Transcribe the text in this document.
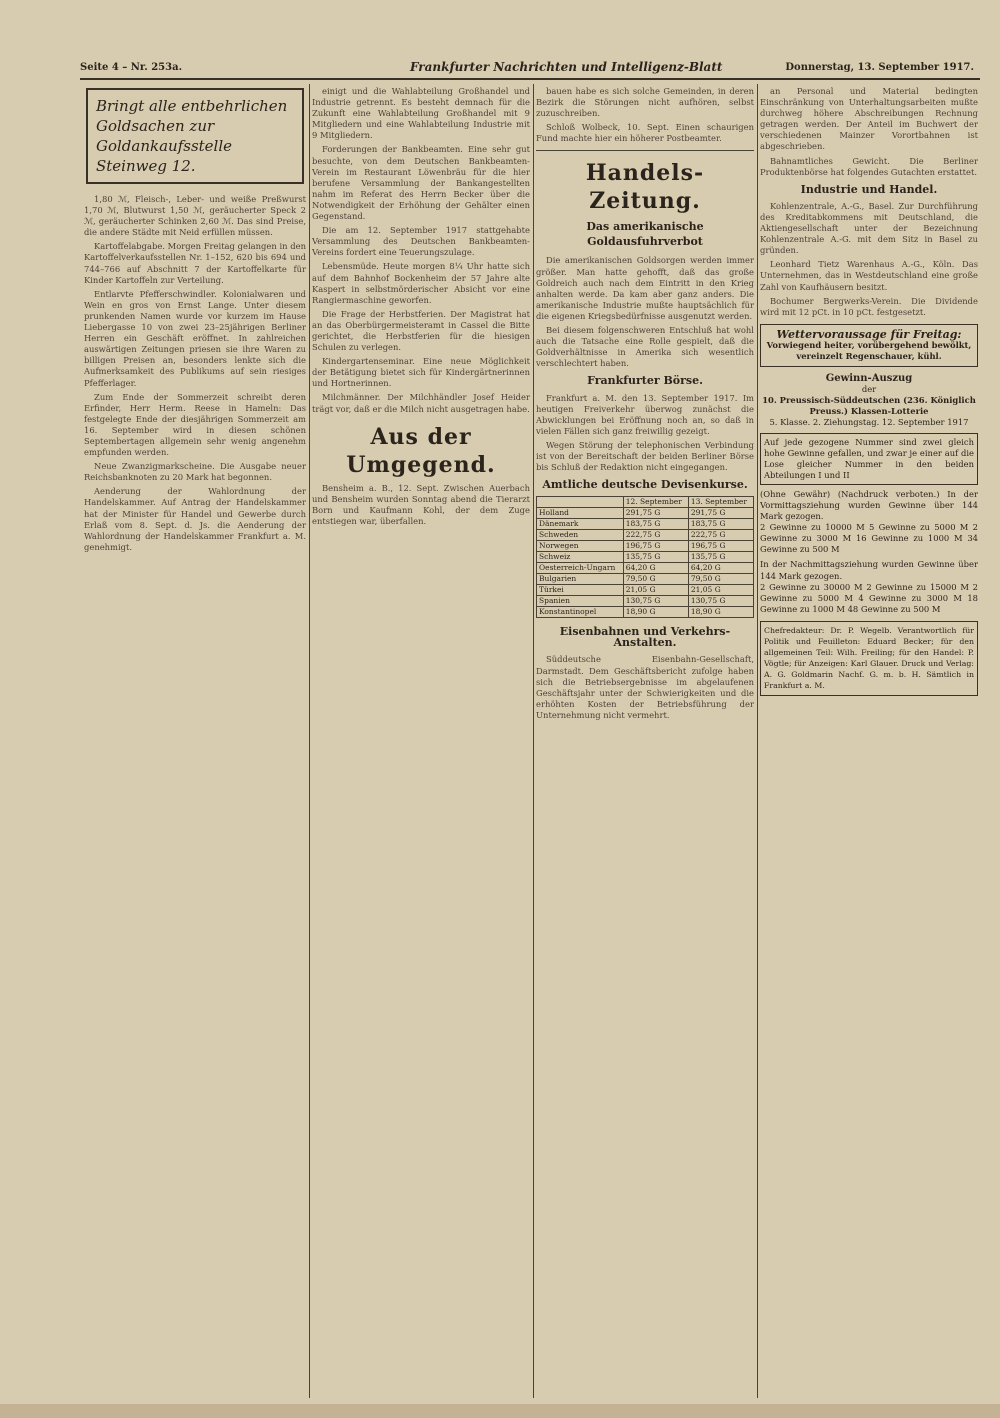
Seite 4 – Nr. 253a.	Frankfurter Nachrichten und Intelligenz-Blatt	Donnerstag, 13. September 1917.
Bringt alle entbehrlichen Goldsachen zur Goldankaufsstelle Steinweg 12.

1,80 ℳ, Fleisch-, Leber- und weiße Preßwurst 1,70 ℳ, Blutwurst 1,50 ℳ, geräucherter Speck 2 ℳ, geräucherter Schinken 2,60 ℳ. Das sind Preise, die andere Städte mit Neid erfüllen müssen.

Kartoffelabgabe. Morgen Freitag gelangen in den Kartoffelverkaufsstellen Nr. 1–152, 620 bis 694 und 744–766 auf Abschnitt 7 der Kartoffelkarte für Kinder Kartoffeln zur Verteilung.

Entlarvte Pfefferschwindler. Kolonialwaren und Wein en gros von Ernst Lange. Unter diesem prunkenden Namen wurde vor kurzem im Hause Liebergasse 10 von zwei 23–25jährigen Berliner Herren ein Geschäft eröffnet. In zahlreichen auswärtigen Zeitungen priesen sie ihre Waren zu billigen Preisen an, besonders lenkte sich die Aufmerksamkeit des Publikums auf sein riesiges Pfefferlager.

Zum Ende der Sommerzeit schreibt deren Erfinder, Herr Herm. Reese in Hameln: Das festgelegte Ende der diesjährigen Sommerzeit am 16. September wird in diesen schönen Septembertagen allgemein sehr wenig angenehm empfunden werden.

Neue Zwanzigmarkscheine. Die Ausgabe neuer Reichsbanknoten zu 20 Mark hat begonnen.

Aenderung der Wahlordnung der Handelskammer. Auf Antrag der Handelskammer hat der Minister für Handel und Gewerbe durch Erlaß vom 8. Sept. d. Js. die Aenderung der Wahlordnung der Handelskammer Frankfurt a. M. genehmigt.

einigt und die Wahlabteilung Großhandel und Industrie getrennt. Es besteht demnach für die Zukunft eine Wahlabteilung Großhandel mit 9 Mitgliedern und eine Wahlabteilung Industrie mit 9 Mitgliedern.

Forderungen der Bankbeamten. Eine sehr gut besuchte, von dem Deutschen Bankbeamten-Verein im Restaurant Löwenbräu für die hier berufene Versammlung der Bankangestellten nahm im Referat des Herrn Becker über die Notwendigkeit der Erhöhung der Gehälter einen Gegenstand.

Die am 12. September 1917 stattgehabte Versammlung des Deutschen Bankbeamten-Vereins fordert eine Teuerungszulage.

Lebensmüde. Heute morgen 8¼ Uhr hatte sich auf dem Bahnhof Bockenheim der 57 Jahre alte Kaspert in selbstmörderischer Absicht vor eine Rangiermaschine geworfen.

Die Frage der Herbstferien. Der Magistrat hat an das Oberbürgermeisteramt in Cassel die Bitte gerichtet, die Herbstferien für die hiesigen Schulen zu verlegen.

Kindergartenseminar. Eine neue Möglichkeit der Betätigung bietet sich für Kindergärtnerinnen und Hortnerinnen.

Milchmänner. Der Milchhändler Josef Heider trägt vor, daß er die Milch nicht ausgetragen habe.

Aus der Umgegend.

Bensheim a. B., 12. Sept. Zwischen Auerbach und Bensheim wurden Sonntag abend die Tierarzt Born und Kaufmann Kohl, der dem Zuge entstiegen war, überfallen.

bauen habe es sich solche Gemeinden, in deren Bezirk die Störungen nicht aufhören, selbst zuzuschreiben.

Schloß Wolbeck, 10. Sept. Einen schaurigen Fund machte hier ein höherer Postbeamter.

Handels-Zeitung.
Das amerikanische Goldausfuhrverbot

Die amerikanischen Goldsorgen werden immer größer. Man hatte gehofft, daß das große Goldreich auch nach dem Eintritt in den Krieg anhalten werde. Da kam aber ganz anders. Die amerikanische Industrie mußte hauptsächlich für die eigenen Kriegsbedürfnisse ausgenutzt werden.

Bei diesem folgenschweren Entschluß hat wohl auch die Tatsache eine Rolle gespielt, daß die Goldverhältnisse in Amerika sich wesentlich verschlechtert haben.

Frankfurter Börse.

Frankfurt a. M. den 13. September 1917. Im heutigen Freiverkehr überwog zunächst die Abwicklungen bei Eröffnung noch an, so daß in vielen Fällen sich ganz freiwillig gezeigt.

Wegen Störung der telephonischen Verbindung ist von der Bereitschaft der beiden Berliner Börse bis Schluß der Redaktion nicht eingegangen.

Amtliche deutsche Devisenkurse.
	12. September	13. September
Holland	291,75 G	291,75 G
Dänemark	183,75 G	183,75 G
Schweden	222,75 G	222,75 G
Norwegen	196,75 G	196,75 G
Schweiz	135,75 G	135,75 G
Oesterreich-Ungarn	64,20 G	64,20 G
Bulgarien	79,50 G	79,50 G
Türkei	21,05 G	21,05 G
Spanien	130,75 G	130,75 G
Konstantinopel	18,90 G	18,90 G
Eisenbahnen und Verkehrs-Anstalten.

Süddeutsche Eisenbahn-Gesellschaft, Darmstadt. Dem Geschäftsbericht zufolge haben sich die Betriebsergebnisse im abgelaufenen Geschäftsjahr unter der Schwierigkeiten und die erhöhten Kosten der Betriebsführung der Unternehmung nicht vermehrt.

an Personal und Material bedingten Einschränkung von Unterhaltungsarbeiten mußte durchweg höhere Abschreibungen Rechnung getragen werden. Der Anteil im Buchwert der verschiedenen Mainzer Vorortbahnen ist abgeschrieben.

Bahnamtliches Gewicht. Die Berliner Produktenbörse hat folgendes Gutachten erstattet.

Industrie und Handel.

Kohlenzentrale, A.-G., Basel. Zur Durchführung des Kreditabkommens mit Deutschland, die Aktiengesellschaft unter der Bezeichnung Kohlenzentrale A.-G. mit dem Sitz in Basel zu gründen.

Leonhard Tietz Warenhaus A.-G., Köln. Das Unternehmen, das in Westdeutschland eine große Zahl von Kaufhäusern besitzt.

Bochumer Bergwerks-Verein. Die Dividende wird mit 12 pCt. in 10 pCt. festgesetzt.

Wettervoraussage für Freitag:
Vorwiegend heiter, vorübergehend bewölkt, vereinzelt Regenschauer, kühl.
Gewinn-Auszug
der
10. Preussisch-Süddeutschen (236. Königlich Preuss.) Klassen-Lotterie
5. Klasse. 2. Ziehungstag. 12. September 1917
Auf jede gezogene Nummer sind zwei gleich hohe Gewinne gefallen, und zwar je einer auf die Lose gleicher Nummer in den beiden Abteilungen I und II
(Ohne Gewähr) (Nachdruck verboten.) In der Vormittagsziehung wurden Gewinne über 144 Mark gezogen.
2 Gewinne zu 10000 M 5 Gewinne zu 5000 M 2 Gewinne zu 3000 M 16 Gewinne zu 1000 M 34 Gewinne zu 500 M
In der Nachmittagsziehung wurden Gewinne über 144 Mark gezogen.
2 Gewinne zu 30000 M 2 Gewinne zu 15000 M 2 Gewinne zu 5000 M 4 Gewinne zu 3000 M 18 Gewinne zu 1000 M 48 Gewinne zu 500 M
Chefredakteur: Dr. P. Wegelb. Verantwortlich für Politik und Feuilleton: Eduard Becker; für den allgemeinen Teil: Wilh. Freiling; für den Handel: P. Vögtle; für Anzeigen: Karl Glauer. Druck und Verlag: A. G. Goldmarin Nachf. G. m. b. H. Sämtlich in Frankfurt a. M.
